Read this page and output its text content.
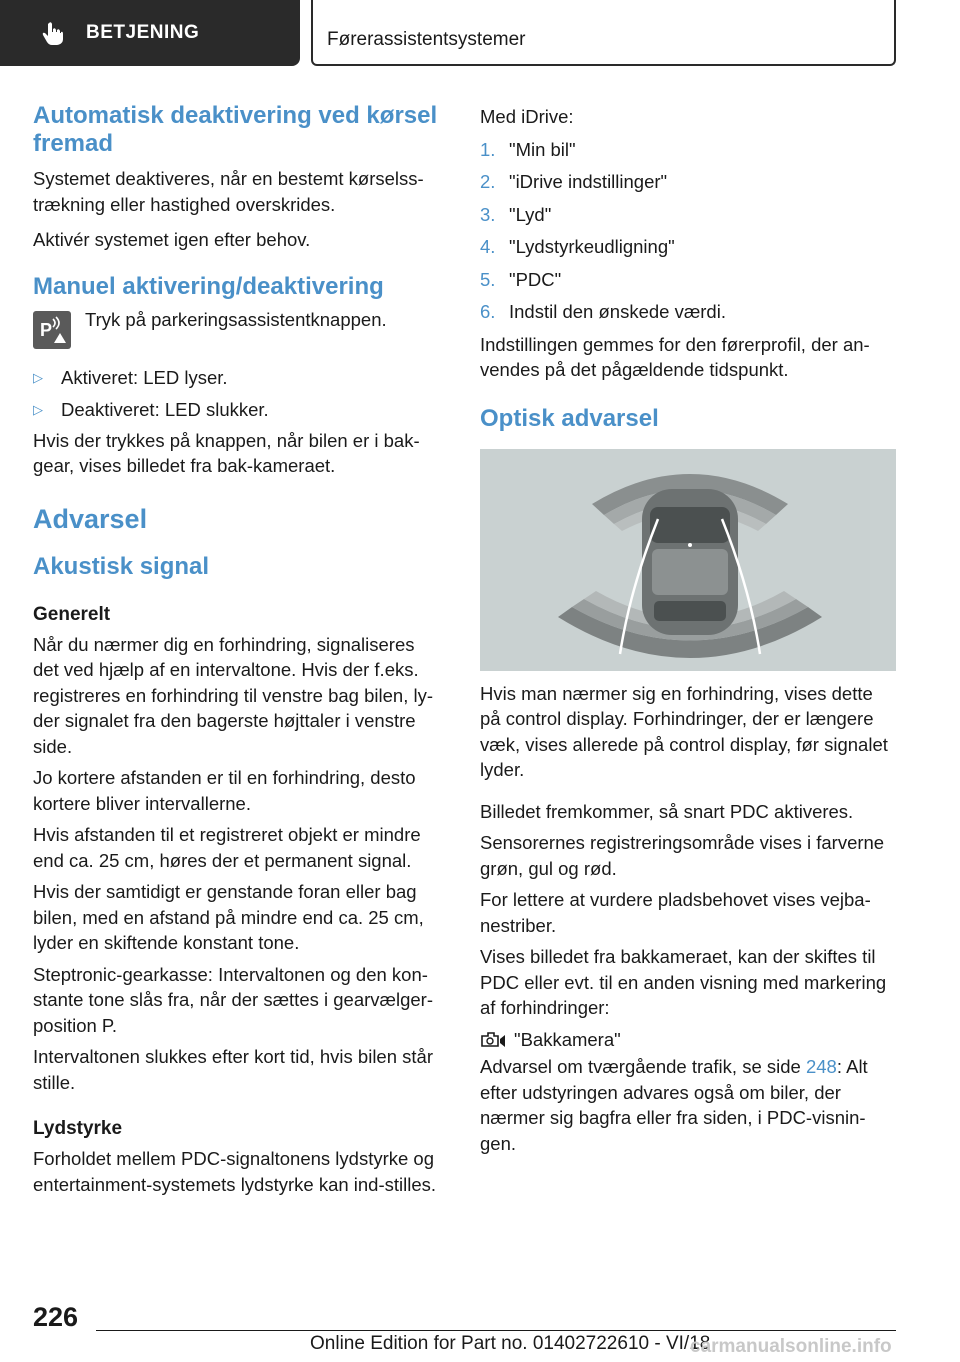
BETJENING	Førerassistentsystemer
Automatisk deaktivering ved kørsel fremad

Systemet deaktiveres, når en bestemt kørselss-trækning eller hastighed overskrides.

Aktivér systemet igen efter behov.

Manuel aktivering/deaktivering
P Tryk på parkeringsassistentknappen.

▷ Aktiveret: LED lyser.
▷ Deaktiveret: LED slukker.

Hvis der trykkes på knappen, når bilen er i bak-gear, vises billedet fra bak-kameraet.

Advarsel
Akustisk signal
Generelt

Når du nærmer dig en forhindring, signaliseres det ved hjælp af en intervaltone. Hvis der f.eks. registreres en forhindring til venstre bag bilen, ly-der signalet fra den bagerste højttaler i venstre side.

Jo kortere afstanden er til en forhindring, desto kortere bliver intervallerne.

Hvis afstanden til et registreret objekt er mindre end ca. 25 cm, høres der et permanent signal.

Hvis der samtidigt er genstande foran eller bag bilen, med en afstand på mindre end ca. 25 cm, lyder en skiftende konstant tone.

Steptronic-gearkasse: Intervaltonen og den kon-stante tone slås fra, når der sættes i gearvælger-position P.

Intervaltonen slukkes efter kort tid, hvis bilen står stille.

Lydstyrke

Forholdet mellem PDC-signaltonens lydstyrke og entertainment-systemets lydstyrke kan ind-stilles.

Med iDrive:

1. "Min bil"
2. "iDrive indstillinger"
3. "Lyd"
4. "Lydstyrkeudligning"
5. "PDC"
6. Indstil den ønskede værdi.

Indstillingen gemmes for den førerprofil, der an-vendes på det pågældende tidspunkt.

Optisk advarsel

Hvis man nærmer sig en forhindring, vises dette på control display. Forhindringer, der er længere væk, vises allerede på control display, før signalet lyder.

Billedet fremkommer, så snart PDC aktiveres.

Sensorernes registreringsområde vises i farverne grøn, gul og rød.

For lettere at vurdere pladsbehovet vises vejba-nestriber.

Vises billedet fra bakkameraet, kan der skiftes til PDC eller evt. til en anden visning med markering af forhindringer:

"Bakkamera"

Advarsel om tværgående trafik, se side 248: Alt efter udstyringen advares også om biler, der nærmer sig bagfra eller fra siden, i PDC-visnin-gen.

226
Online Edition for Part no. 01402722610 - VI/18
carmanualsonline.info
